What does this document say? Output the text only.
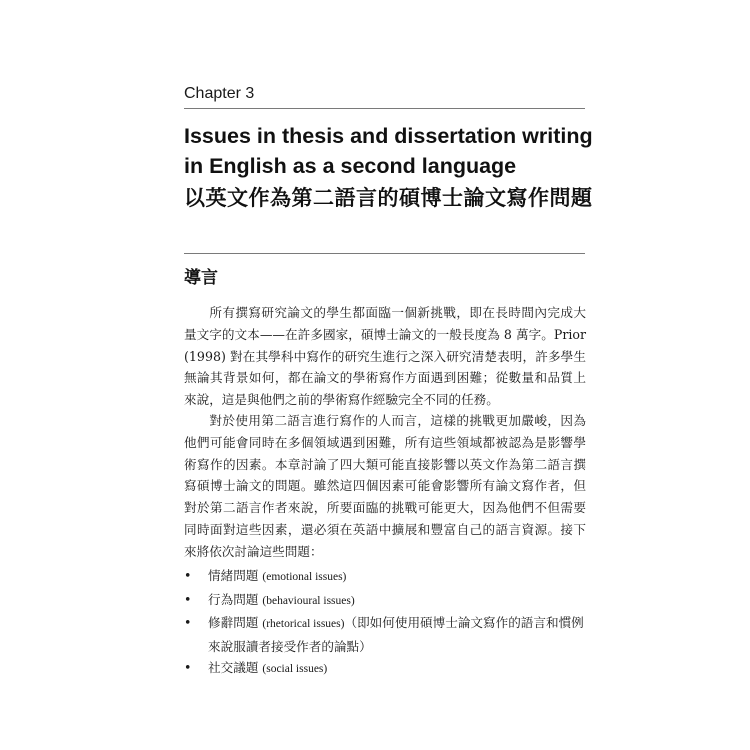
Chapter 3
Issues in thesis and dissertation writing in English as a second language
以英文作為第二語言的碩博士論文寫作問題
導言

所有撰寫研究論文的學生都面臨一個新挑戰，即在長時間內完成大量文字的文本——在許多國家，碩博士論文的一般長度為 8 萬字。Prior (1998) 對在其學科中寫作的研究生進行之深入研究清楚表明，許多學生無論其背景如何，都在論文的學術寫作方面遇到困難；從數量和品質上來說，這是與他們之前的學術寫作經驗完全不同的任務。

對於使用第二語言進行寫作的人而言，這樣的挑戰更加嚴峻，因為他們可能會同時在多個領域遇到困難，所有這些領域都被認為是影響學術寫作的因素。本章討論了四大類可能直接影響以英文作為第二語言撰寫碩博士論文的問題。雖然這四個因素可能會影響所有論文寫作者，但對於第二語言作者來說，所要面臨的挑戰可能更大，因為他們不但需要同時面對這些因素，還必須在英語中擴展和豐富自己的語言資源。接下來將依次討論這些問題：

• 情緒問題 (emotional issues)
• 行為問題 (behavioural issues)
• 修辭問題 (rhetorical issues)（即如何使用碩博士論文寫作的語言和慣例來說服讀者接受作者的論點）
• 社交議題 (social issues)
